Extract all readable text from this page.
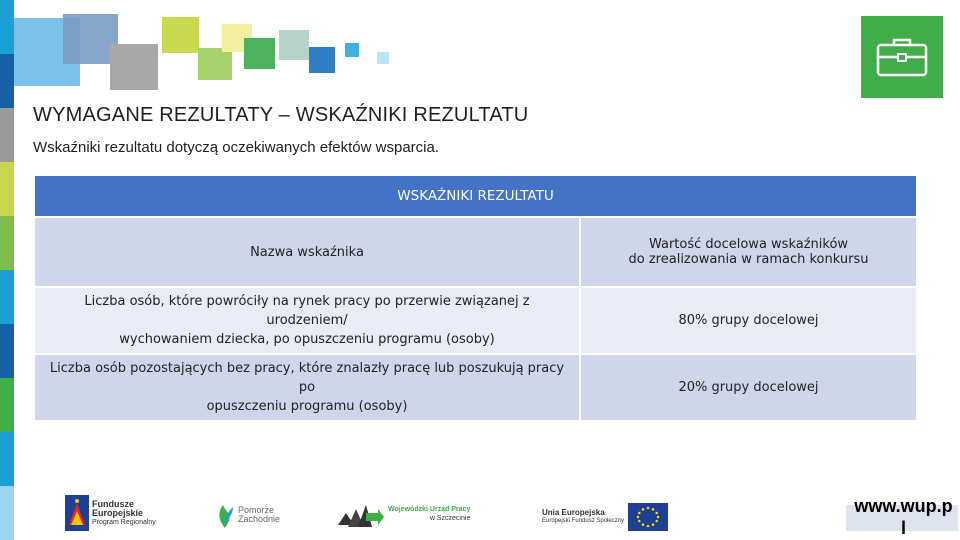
WYMAGANE REZULTATY – WSKAŹNIKI REZULTATU
Wskaźniki rezultatu dotyczą oczekiwanych efektów wsparcia.
WSKAŹNIKI REZULTATU	
Nazwa wskaźnika	Wartość docelowa wskaźników
do zrealizowania w ramach konkursu
Liczba osób, które powróciły na rynek pracy po przerwie związanej z urodzeniem/
wychowaniem dziecka, po opuszczeniu programu (osoby)	80% grupy docelowej
Liczba osób pozostających bez pracy, które znalazły pracę lub poszukują pracy po
opuszczeniu programu (osoby)	20% grupy docelowej
Fundusze
Europejskie
Program Regionalny
Pomorze
Zachodnie
Wojewódzki Urząd Pracy
w Szczecinie
Unia Europejska
Europejski Fundusz Społeczny
www.wup.p
l
